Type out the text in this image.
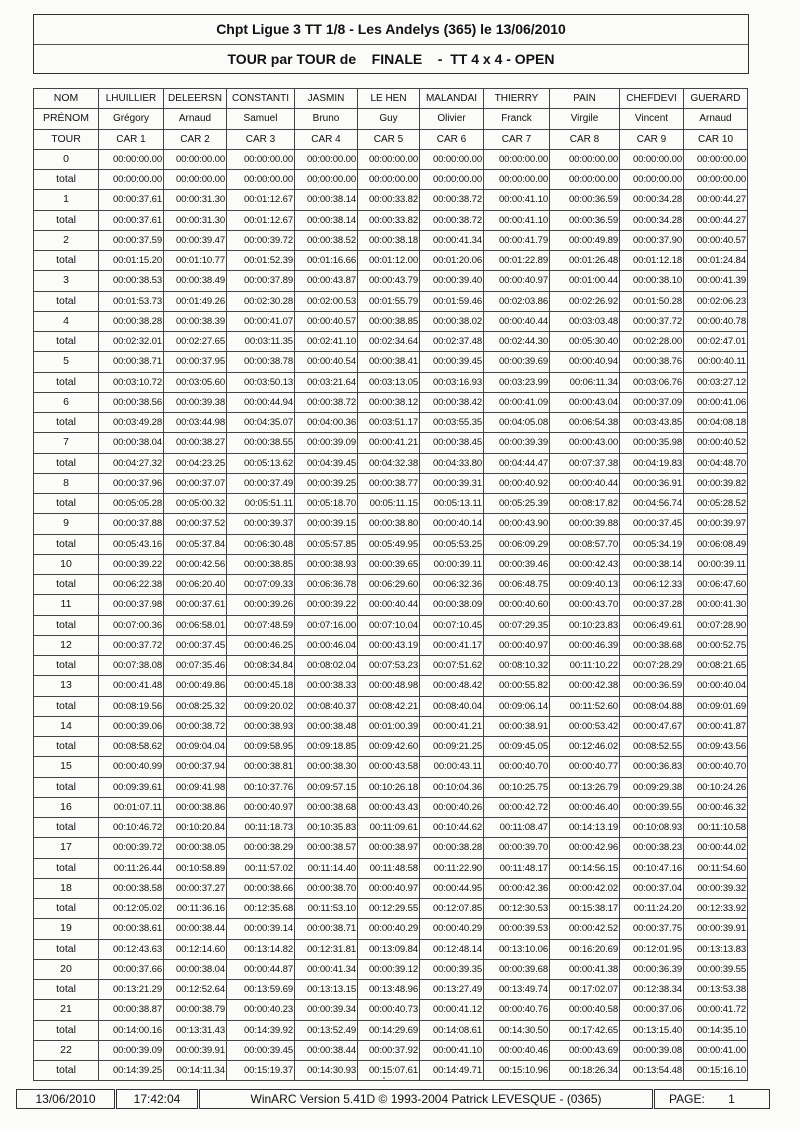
Chpt Ligue 3 TT 1/8 - Les Andelys (365) le 13/06/2010
TOUR par TOUR de    FINALE    -  TT 4 x 4 - OPEN
NOM	LHUILLIER	DELEERSN	CONSTANTI	JASMIN	LE HEN	MALANDAI	THIERRY	PAIN	CHEFDEVI	GUERARD
PRÉNOM	Grégory	Arnaud	Samuel	Bruno	Guy	Olivier	Franck	Virgile	Vincent	Arnaud
TOUR	CAR 1	CAR 2	CAR 3	CAR 4	CAR 5	CAR 6	CAR 7	CAR 8	CAR 9	CAR 10
0	00:00:00.00	00:00:00.00	00:00:00.00	00:00:00.00	00:00:00.00	00:00:00.00	00:00:00.00	00:00:00.00	00:00:00.00	00:00:00.00
total	00:00:00.00	00:00:00.00	00:00:00.00	00:00:00.00	00:00:00.00	00:00:00.00	00:00:00.00	00:00:00.00	00:00:00.00	00:00:00.00
1	00:00:37.61	00:00:31.30	00:01:12.67	00:00:38.14	00:00:33.82	00:00:38.72	00:00:41.10	00:00:36.59	00:00:34.28	00:00:44.27
total	00:00:37.61	00:00:31.30	00:01:12.67	00:00:38.14	00:00:33.82	00:00:38.72	00:00:41.10	00:00:36.59	00:00:34.28	00:00:44.27
2	00:00:37.59	00:00:39.47	00:00:39.72	00:00:38.52	00:00:38.18	00:00:41.34	00:00:41.79	00:00:49.89	00:00:37.90	00:00:40.57
total	00:01:15.20	00:01:10.77	00:01:52.39	00:01:16.66	00:01:12.00	00:01:20.06	00:01:22.89	00:01:26.48	00:01:12.18	00:01:24.84
3	00:00:38.53	00:00:38.49	00:00:37.89	00:00:43.87	00:00:43.79	00:00:39.40	00:00:40.97	00:01:00.44	00:00:38.10	00:00:41.39
total	00:01:53.73	00:01:49.26	00:02:30.28	00:02:00.53	00:01:55.79	00:01:59.46	00:02:03.86	00:02:26.92	00:01:50.28	00:02:06.23
4	00:00:38.28	00:00:38.39	00:00:41.07	00:00:40.57	00:00:38.85	00:00:38.02	00:00:40.44	00:03:03.48	00:00:37.72	00:00:40.78
total	00:02:32.01	00:02:27.65	00:03:11.35	00:02:41.10	00:02:34.64	00:02:37.48	00:02:44.30	00:05:30.40	00:02:28.00	00:02:47.01
5	00:00:38.71	00:00:37.95	00:00:38.78	00:00:40.54	00:00:38.41	00:00:39.45	00:00:39.69	00:00:40.94	00:00:38.76	00:00:40.11
total	00:03:10.72	00:03:05.60	00:03:50.13	00:03:21.64	00:03:13.05	00:03:16.93	00:03:23.99	00:06:11.34	00:03:06.76	00:03:27.12
6	00:00:38.56	00:00:39.38	00:00:44.94	00:00:38.72	00:00:38.12	00:00:38.42	00:00:41.09	00:00:43.04	00:00:37.09	00:00:41.06
total	00:03:49.28	00:03:44.98	00:04:35.07	00:04:00.36	00:03:51.17	00:03:55.35	00:04:05.08	00:06:54.38	00:03:43.85	00:04:08.18
7	00:00:38.04	00:00:38.27	00:00:38.55	00:00:39.09	00:00:41.21	00:00:38.45	00:00:39.39	00:00:43.00	00:00:35.98	00:00:40.52
total	00:04:27.32	00:04:23.25	00:05:13.62	00:04:39.45	00:04:32.38	00:04:33.80	00:04:44.47	00:07:37.38	00:04:19.83	00:04:48.70
8	00:00:37.96	00:00:37.07	00:00:37.49	00:00:39.25	00:00:38.77	00:00:39.31	00:00:40.92	00:00:40.44	00:00:36.91	00:00:39.82
total	00:05:05.28	00:05:00.32	00:05:51.11	00:05:18.70	00:05:11.15	00:05:13.11	00:05:25.39	00:08:17.82	00:04:56.74	00:05:28.52
9	00:00:37.88	00:00:37.52	00:00:39.37	00:00:39.15	00:00:38.80	00:00:40.14	00:00:43.90	00:00:39.88	00:00:37.45	00:00:39.97
total	00:05:43.16	00:05:37.84	00:06:30.48	00:05:57.85	00:05:49.95	00:05:53.25	00:06:09.29	00:08:57.70	00:05:34.19	00:06:08.49
10	00:00:39.22	00:00:42.56	00:00:38.85	00:00:38.93	00:00:39.65	00:00:39.11	00:00:39.46	00:00:42.43	00:00:38.14	00:00:39.11
total	00:06:22.38	00:06:20.40	00:07:09.33	00:06:36.78	00:06:29.60	00:06:32.36	00:06:48.75	00:09:40.13	00:06:12.33	00:06:47.60
11	00:00:37.98	00:00:37.61	00:00:39.26	00:00:39.22	00:00:40.44	00:00:38.09	00:00:40.60	00:00:43.70	00:00:37.28	00:00:41.30
total	00:07:00.36	00:06:58.01	00:07:48.59	00:07:16.00	00:07:10.04	00:07:10.45	00:07:29.35	00:10:23.83	00:06:49.61	00:07:28.90
12	00:00:37.72	00:00:37.45	00:00:46.25	00:00:46.04	00:00:43.19	00:00:41.17	00:00:40.97	00:00:46.39	00:00:38.68	00:00:52.75
total	00:07:38.08	00:07:35.46	00:08:34.84	00:08:02.04	00:07:53.23	00:07:51.62	00:08:10.32	00:11:10.22	00:07:28.29	00:08:21.65
13	00:00:41.48	00:00:49.86	00:00:45.18	00:00:38.33	00:00:48.98	00:00:48.42	00:00:55.82	00:00:42.38	00:00:36.59	00:00:40.04
total	00:08:19.56	00:08:25.32	00:09:20.02	00:08:40.37	00:08:42.21	00:08:40.04	00:09:06.14	00:11:52.60	00:08:04.88	00:09:01.69
14	00:00:39.06	00:00:38.72	00:00:38.93	00:00:38.48	00:01:00.39	00:00:41.21	00:00:38.91	00:00:53.42	00:00:47.67	00:00:41.87
total	00:08:58.62	00:09:04.04	00:09:58.95	00:09:18.85	00:09:42.60	00:09:21.25	00:09:45.05	00:12:46.02	00:08:52.55	00:09:43.56
15	00:00:40.99	00:00:37.94	00:00:38.81	00:00:38.30	00:00:43.58	00:00:43.11	00:00:40.70	00:00:40.77	00:00:36.83	00:00:40.70
total	00:09:39.61	00:09:41.98	00:10:37.76	00:09:57.15	00:10:26.18	00:10:04.36	00:10:25.75	00:13:26.79	00:09:29.38	00:10:24.26
16	00:01:07.11	00:00:38.86	00:00:40.97	00:00:38.68	00:00:43.43	00:00:40.26	00:00:42.72	00:00:46.40	00:00:39.55	00:00:46.32
total	00:10:46.72	00:10:20.84	00:11:18.73	00:10:35.83	00:11:09.61	00:10:44.62	00:11:08.47	00:14:13.19	00:10:08.93	00:11:10.58
17	00:00:39.72	00:00:38.05	00:00:38.29	00:00:38.57	00:00:38.97	00:00:38.28	00:00:39.70	00:00:42.96	00:00:38.23	00:00:44.02
total	00:11:26.44	00:10:58.89	00:11:57.02	00:11:14.40	00:11:48.58	00:11:22.90	00:11:48.17	00:14:56.15	00:10:47.16	00:11:54.60
18	00:00:38.58	00:00:37.27	00:00:38.66	00:00:38.70	00:00:40.97	00:00:44.95	00:00:42.36	00:00:42.02	00:00:37.04	00:00:39.32
total	00:12:05.02	00:11:36.16	00:12:35.68	00:11:53.10	00:12:29.55	00:12:07.85	00:12:30.53	00:15:38.17	00:11:24.20	00:12:33.92
19	00:00:38.61	00:00:38.44	00:00:39.14	00:00:38.71	00:00:40.29	00:00:40.29	00:00:39.53	00:00:42.52	00:00:37.75	00:00:39.91
total	00:12:43.63	00:12:14.60	00:13:14.82	00:12:31.81	00:13:09.84	00:12:48.14	00:13:10.06	00:16:20.69	00:12:01.95	00:13:13.83
20	00:00:37.66	00:00:38.04	00:00:44.87	00:00:41.34	00:00:39.12	00:00:39.35	00:00:39.68	00:00:41.38	00:00:36.39	00:00:39.55
total	00:13:21.29	00:12:52.64	00:13:59.69	00:13:13.15	00:13:48.96	00:13:27.49	00:13:49.74	00:17:02.07	00:12:38.34	00:13:53.38
21	00:00:38.87	00:00:38.79	00:00:40.23	00:00:39.34	00:00:40.73	00:00:41.12	00:00:40.76	00:00:40.58	00:00:37.06	00:00:41.72
total	00:14:00.16	00:13:31.43	00:14:39.92	00:13:52.49	00:14:29.69	00:14:08.61	00:14:30.50	00:17:42.65	00:13:15.40	00:14:35.10
22	00:00:39.09	00:00:39.91	00:00:39.45	00:00:38.44	00:00:37.92	00:00:41.10	00:00:40.46	00:00:43.69	00:00:39.08	00:00:41.00
total	00:14:39.25	00:14:11.34	00:15:19.37	00:14:30.93	00:15:07.61	00:14:49.71	00:15:10.96	00:18:26.34	00:13:54.48	00:15:16.10
13/06/2010	17:42:04	WinARC Version 5.41D © 1993-2004 Patrick LEVESQUE - (0365)	PAGE: 1
